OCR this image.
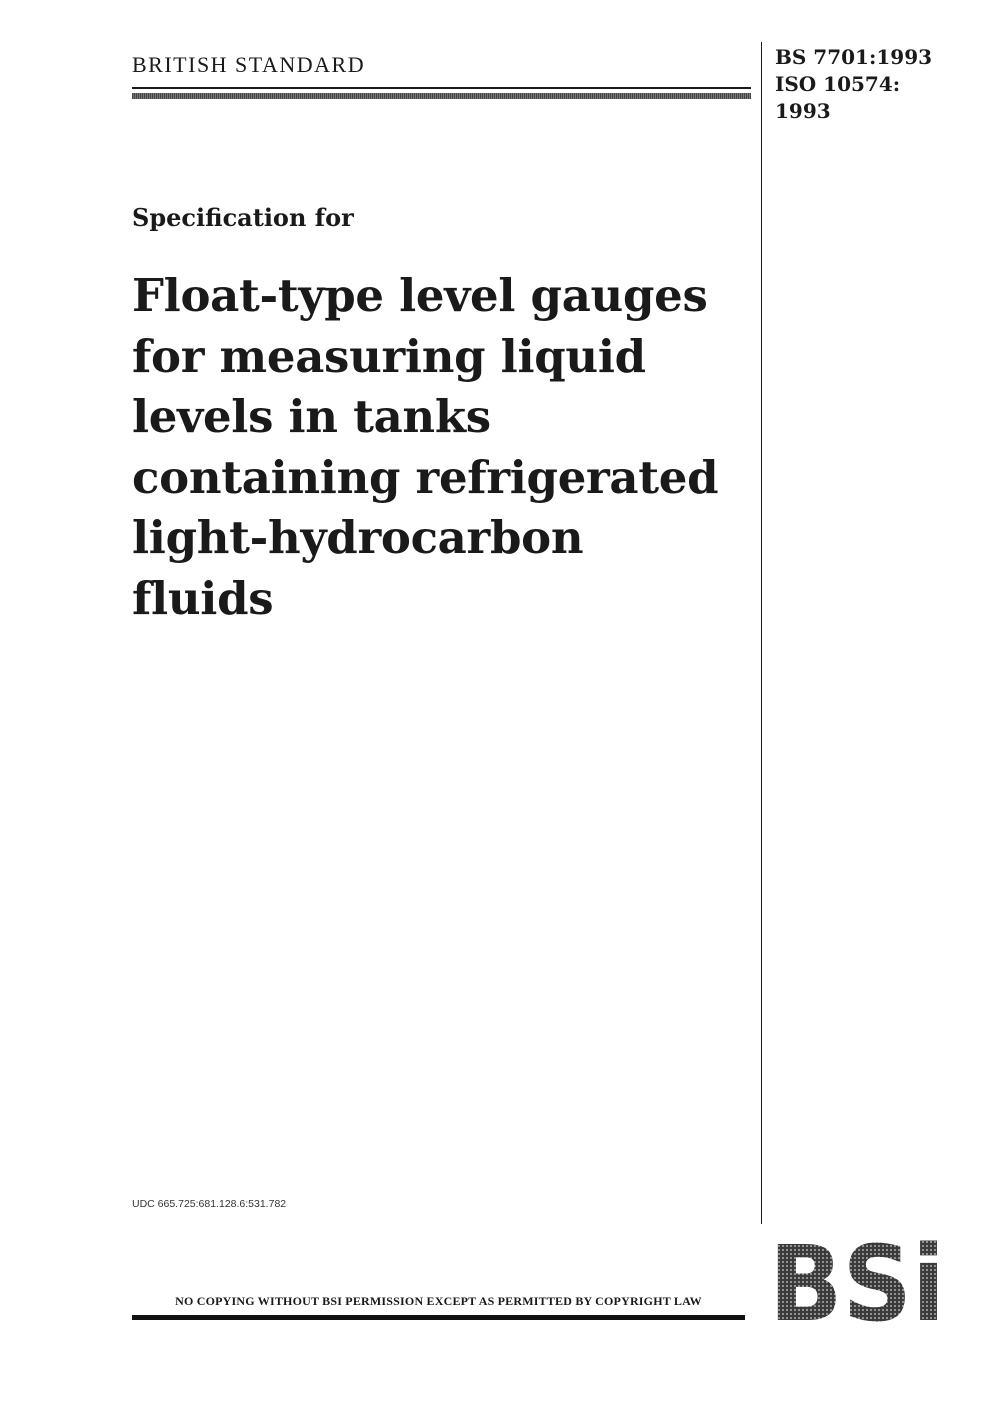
BRITISH STANDARD	BS 7701:1993
ISO 10574:
1993
Specification for
Float-type level gauges
for measuring liquid
levels in tanks
containing refrigerated
light-hydrocarbon
fluids
UDC 665.725:681.128.6:531.782
NO COPYING WITHOUT BSI PERMISSION EXCEPT AS PERMITTED BY COPYRIGHT LAW BSi
